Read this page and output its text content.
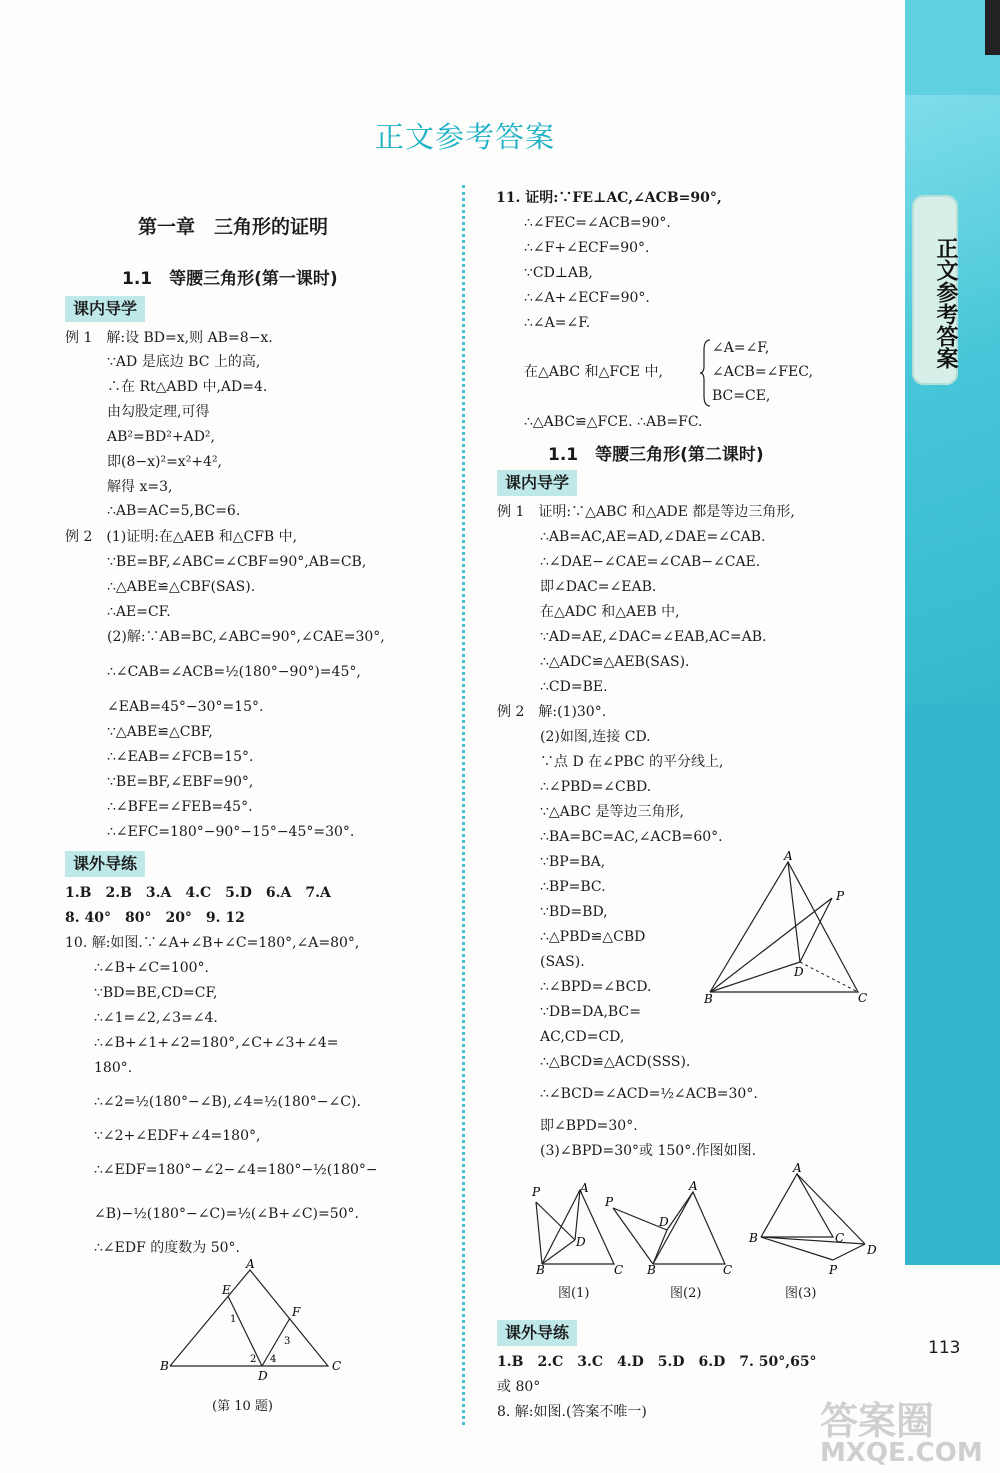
正文参考答案
113
正文参考答案
第一章　三角形的证明
1.1　等腰三角形(第一课时)
课内导学
例 1　解:设 BD=x,则 AB=8−x.
∵AD 是底边 BC 上的高,
∴在 Rt△ABD 中,AD=4.
由勾股定理,可得
AB²=BD²+AD²,
即(8−x)²=x²+4²,
解得 x=3,
∴AB=AC=5,BC=6.
例 2　(1)证明:在△AEB 和△CFB 中,
∵BE=BF,∠ABC=∠CBF=90°,AB=CB,
∴△ABE≌△CBF(SAS).
∴AE=CF.
(2)解:∵AB=BC,∠ABC=90°,∠CAE=30°,
∴∠CAB=∠ACB=½(180°−90°)=45°,
∠EAB=45°−30°=15°.
∵△ABE≌△CBF,
∴∠EAB=∠FCB=15°.
∵BE=BF,∠EBF=90°,
∴∠BFE=∠FEB=45°.
∴∠EFC=180°−90°−15°−45°=30°.
课外导练
1.B　2.B　3.A　4.C　5.D　6.A　7.A
8. 40°　80°　20°　9. 12
10. 解:如图.∵∠A+∠B+∠C=180°,∠A=80°,
∴∠B+∠C=100°.
∵BD=BE,CD=CF,
∴∠1=∠2,∠3=∠4.
∴∠B+∠1+∠2=180°,∠C+∠3+∠4=
180°.
∴∠2=½(180°−∠B),∠4=½(180°−∠C).
∵∠2+∠EDF+∠4=180°,
∴∠EDF=180°−∠2−∠4=180°−½(180°−
∠B)−½(180°−∠C)=½(∠B+∠C)=50°.
∴∠EDF 的度数为 50°.
A
E
F
B	C
D
1
2
3
4
(第 10 题)
11. 证明:∵FE⊥AC,∠ACB=90°,
∴∠FEC=∠ACB=90°.
∴∠F+∠ECF=90°.
∵CD⊥AB,
∴∠A+∠ECF=90°.
∴∠A=∠F.
在△ABC 和△FCE 中,
∠A=∠F,
∠ACB=∠FEC,
BC=CE,
∴△ABC≌△FCE. ∴AB=FC.
1.1　等腰三角形(第二课时)
课内导学
例 1　证明:∵△ABC 和△ADE 都是等边三角形,
∴AB=AC,AE=AD,∠DAE=∠CAB.
∴∠DAE−∠CAE=∠CAB−∠CAE.
即∠DAC=∠EAB.
在△ADC 和△AEB 中,
∵AD=AE,∠DAC=∠EAB,AC=AB.
∴△ADC≌△AEB(SAS).
∴CD=BE.
例 2　解:(1)30°.
(2)如图,连接 CD.
∵点 D 在∠PBC 的平分线上,
∴∠PBD=∠CBD.
∵△ABC 是等边三角形,
∴BA=BC=AC,∠ACB=60°.
∵BP=BA,
∴BP=BC.
∵BD=BD,
∴△PBD≌△CBD
(SAS).
∴∠BPD=∠BCD.
∵DB=DA,BC=
AC,CD=CD,
∴△BCD≌△ACD(SSS).
∴∠BCD=∠ACD=½∠ACB=30°.
即∠BPD=30°.
(3)∠BPD=30°或 150°.作图如图.
A
P
D
B	C
P	A
D
B	C
P
A
D
B	C
A
B	C
D
P
图(1)	图(2)	图(3)
课外导练
1.B　2.C　3.C　4.D　5.D　6.D　7. 50°,65°
或 80°
8. 解:如图.(答案不唯一)	答案圈
MXQE.COM
